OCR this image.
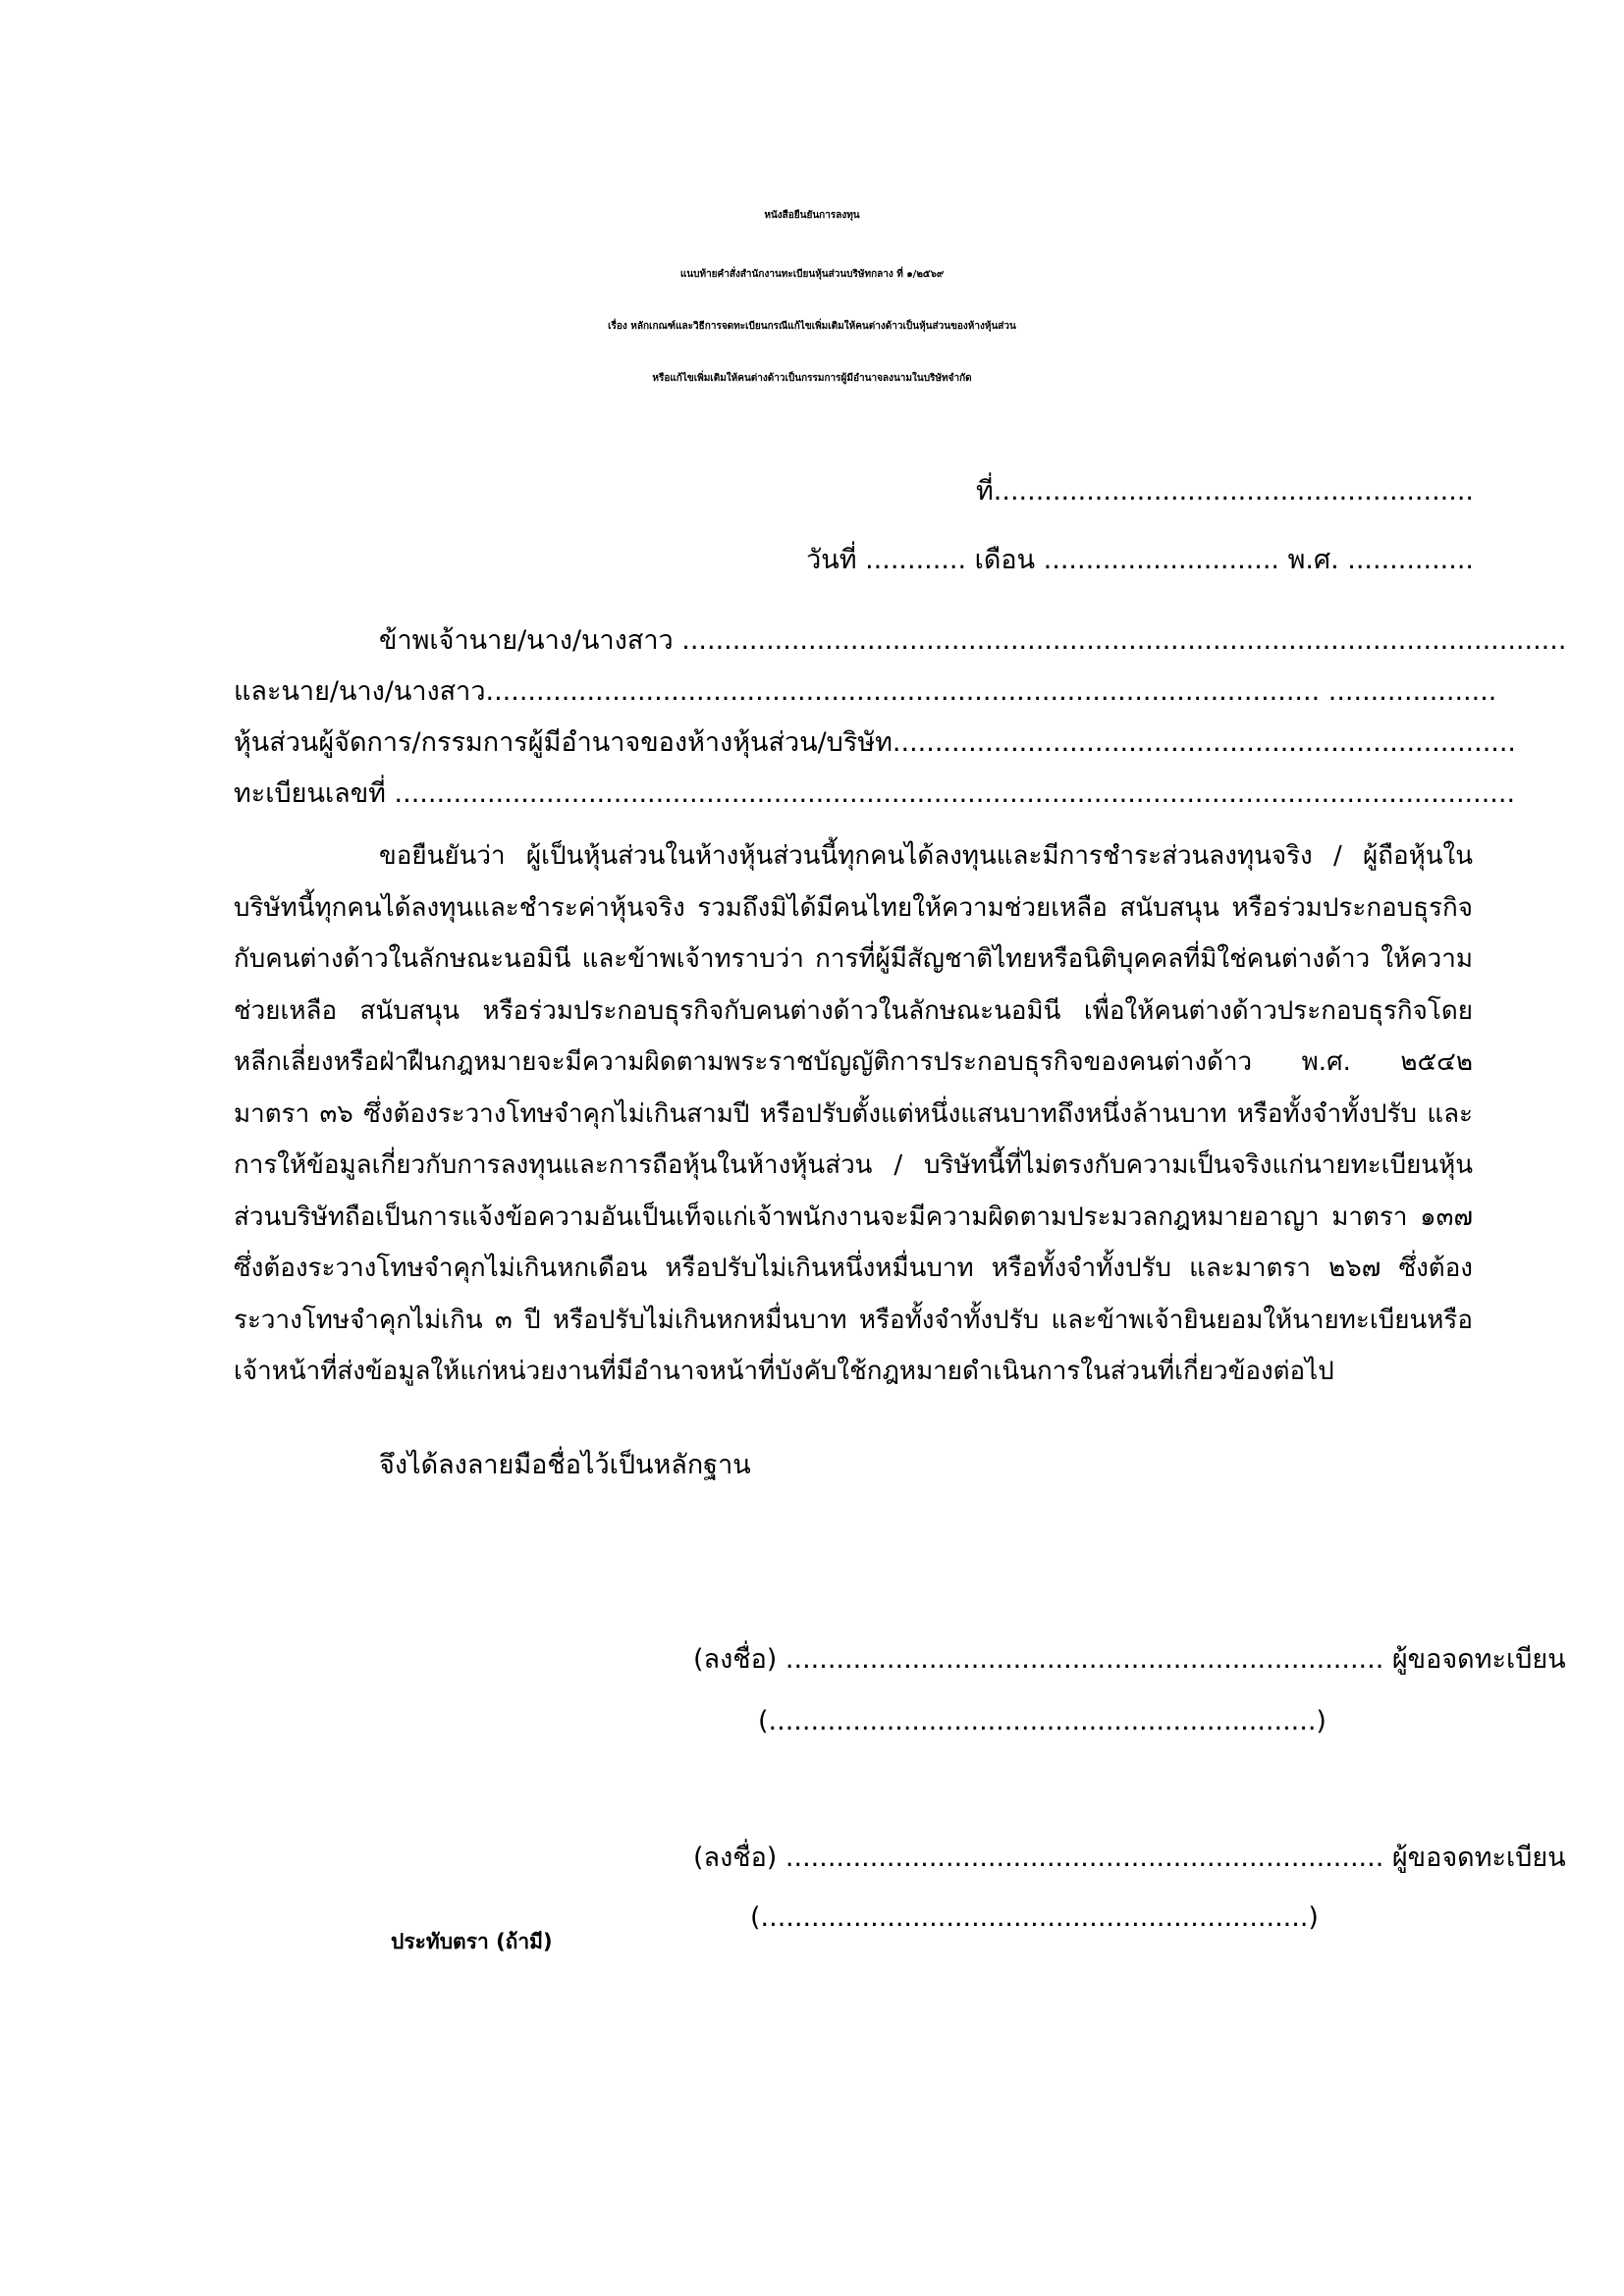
หนังสือยืนยันการลงทุน
แนบท้ายคำสั่งสำนักงานทะเบียนหุ้นส่วนบริษัทกลาง ที่ ๑/๒๕๖๙
เรื่อง หลักเกณฑ์และวิธีการจดทะเบียนกรณีแก้ไขเพิ่มเติมให้คนต่างด้าวเป็นหุ้นส่วนของห้างหุ้นส่วน
หรือแก้ไขเพิ่มเติมให้คนต่างด้าวเป็นกรรมการผู้มีอำนาจลงนามในบริษัทจำกัด
ที่.........................................................
วันที่ ............ เดือน ............................ พ.ศ. ...............
ข้าพเจ้านาย/นาง/นางสาว .........................................................................................................
และนาย/นาง/นางสาว................................................................................................... ....................
หุ้นส่วนผู้จัดการ/กรรมการผู้มีอำนาจของห้างหุ้นส่วน/บริษัท..........................................................................
ทะเบียนเลขที่ .....................................................................................................................................

ขอยืนยันว่า ผู้เป็นหุ้นส่วนในห้างหุ้นส่วนนี้ทุกคนได้ลงทุนและมีการชำระส่วนลงทุนจริง / ผู้ถือหุ้นในบริษัทนี้ทุกคนได้ลงทุนและชำระค่าหุ้นจริง รวมถึงมิได้มีคนไทยให้ความช่วยเหลือ สนับสนุน หรือร่วมประกอบธุรกิจกับคนต่างด้าวในลักษณะนอมินี และข้าพเจ้าทราบว่า การที่ผู้มีสัญชาติไทยหรือนิติบุคคลที่มิใช่คนต่างด้าว ให้ความช่วยเหลือ สนับสนุน หรือร่วมประกอบธุรกิจกับคนต่างด้าวในลักษณะนอมินี เพื่อให้คนต่างด้าวประกอบธุรกิจโดยหลีกเลี่ยงหรือฝ่าฝืนกฎหมายจะมีความผิดตามพระราชบัญญัติการประกอบธุรกิจของคนต่างด้าว พ.ศ. ๒๕๔๒ มาตรา ๓๖ ซึ่งต้องระวางโทษจำคุกไม่เกินสามปี หรือปรับตั้งแต่หนึ่งแสนบาทถึงหนึ่งล้านบาท หรือทั้งจำทั้งปรับ และการให้ข้อมูลเกี่ยวกับการลงทุนและการถือหุ้นในห้างหุ้นส่วน / บริษัทนี้ที่ไม่ตรงกับความเป็นจริงแก่นายทะเบียนหุ้นส่วนบริษัทถือเป็นการแจ้งข้อความอันเป็นเท็จแก่เจ้าพนักงานจะมีความผิดตามประมวลกฎหมายอาญา มาตรา ๑๓๗ ซึ่งต้องระวางโทษจำคุกไม่เกินหกเดือน หรือปรับไม่เกินหนึ่งหมื่นบาท หรือทั้งจำทั้งปรับ และมาตรา ๒๖๗ ซึ่งต้องระวางโทษจำคุกไม่เกิน ๓ ปี หรือปรับไม่เกินหกหมื่นบาท หรือทั้งจำทั้งปรับ และข้าพเจ้ายินยอมให้นายทะเบียนหรือเจ้าหน้าที่ส่งข้อมูลให้แก่หน่วยงานที่มีอำนาจหน้าที่บังคับใช้กฎหมายดำเนินการในส่วนที่เกี่ยวข้องต่อไป

จึงได้ลงลายมือชื่อไว้เป็นหลักฐาน
(ลงชื่อ) ....................................................................... ผู้ขอจดทะเบียน
(.................................................................)
(ลงชื่อ) ....................................................................... ผู้ขอจดทะเบียน
(.................................................................)
ประทับตรา (ถ้ามี)
